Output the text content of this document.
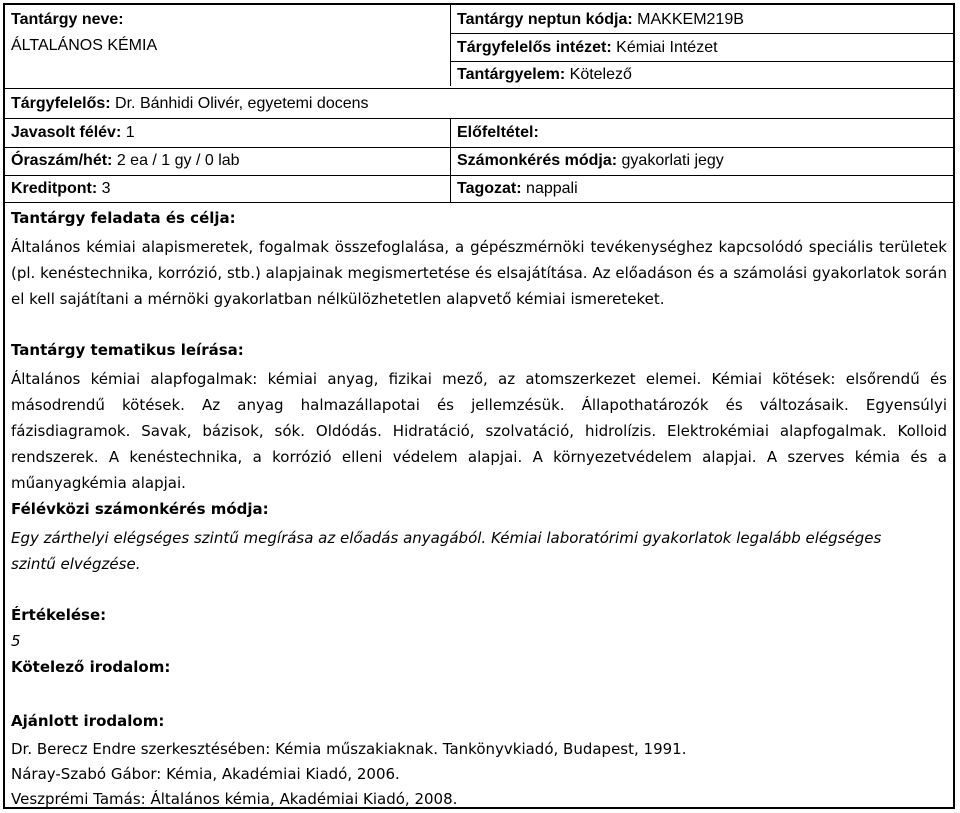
Tantárgy neve:
ÁLTALÁNOS KÉMIA
Tantárgy neptun kódja: MAKKEM219B
Tárgyfelelős intézet: Kémiai Intézet
Tantárgyelem: Kötelező
Tárgyfelelős: Dr. Bánhidi Olivér, egyetemi docens
Javasolt félév: 1	Előfeltétel:
Óraszám/hét: 2 ea / 1 gy / 0 lab	Számonkérés módja: gyakorlati jegy
Kreditpont: 3	Tagozat: nappali
Tantárgy feladata és célja:
Általános kémiai alapismeretek, fogalmak összefoglalása, a gépészmérnöki tevékenységhez kapcsolódó speciális területek (pl. kenéstechnika, korrózió, stb.) alapjainak megismertetése és elsajátítása. Az előadáson és a számolási gyakorlatok során el kell sajátítani a mérnöki gyakorlatban nélkülözhetetlen alapvető kémiai ismereteket.
Tantárgy tematikus leírása:
Általános kémiai alapfogalmak: kémiai anyag, fizikai mező, az atomszerkezet elemei. Kémiai kötések: elsőrendű és másodrendű kötések. Az anyag halmazállapotai és jellemzésük. Állapothatározók és változásaik. Egyensúlyi fázisdiagramok. Savak, bázisok, sók. Oldódás. Hidratáció, szolvatáció, hidrolízis. Elektrokémiai alapfogalmak. Kolloid rendszerek. A kenéstechnika, a korrózió elleni védelem alapjai. A környezetvédelem alapjai. A szerves kémia és a műanyagkémia alapjai.
Félévközi számonkérés módja:
Egy zárthelyi elégséges szintű megírása az előadás anyagából. Kémiai laboratórimi gyakorlatok legalább elégséges szintű elvégzése.
Értékelése:
5
Kötelező irodalom:
Ajánlott irodalom:
Dr. Berecz Endre szerkesztésében: Kémia műszakiaknak. Tankönyvkiadó, Budapest, 1991.
Náray-Szabó Gábor: Kémia, Akadémiai Kiadó, 2006.
Veszprémi Tamás: Általános kémia, Akadémiai Kiadó, 2008.
